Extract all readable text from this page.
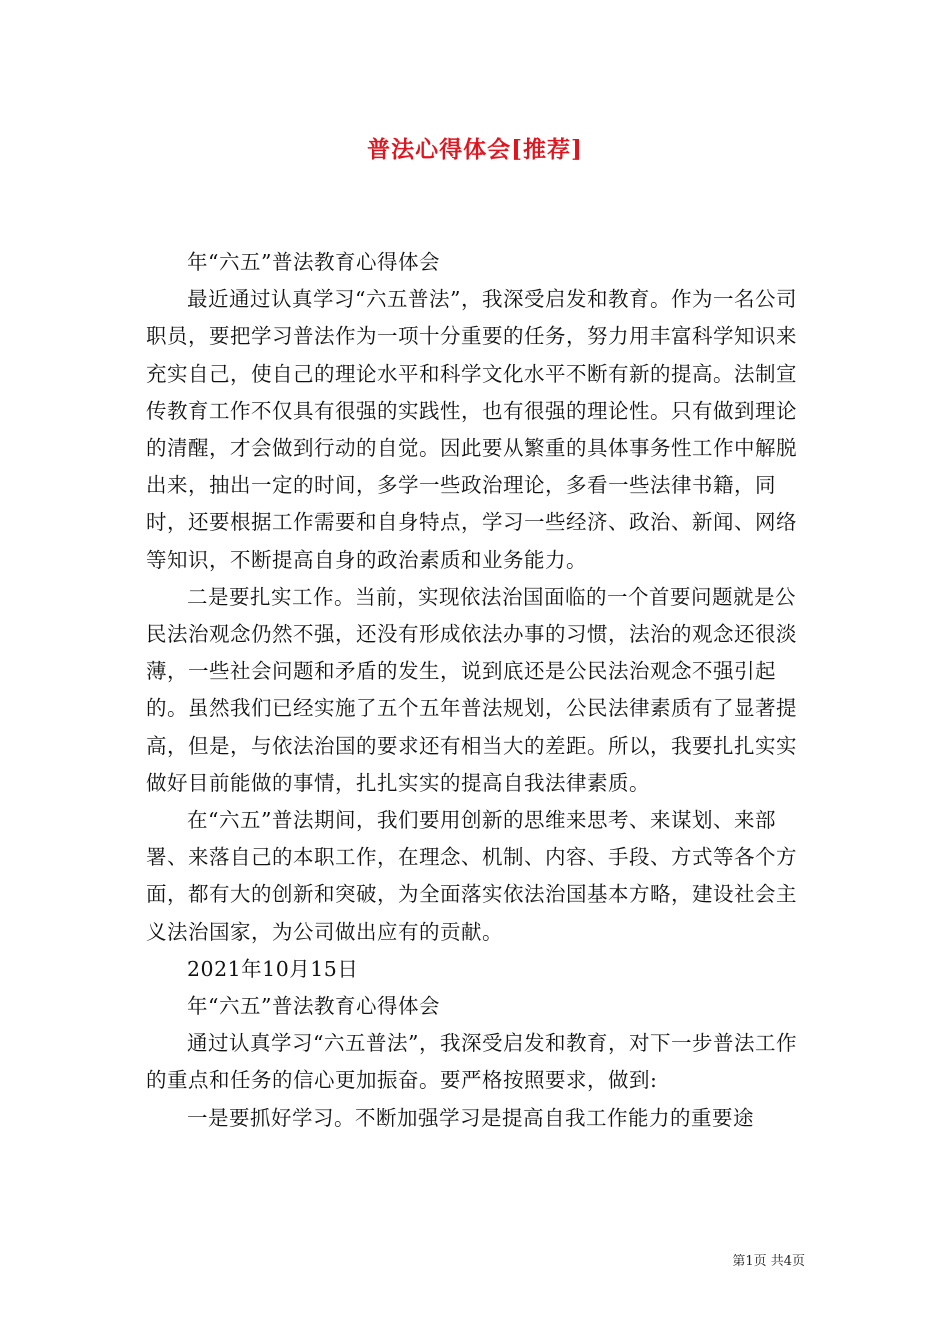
普法心得体会[推荐]

年“六五”普法教育心得体会

最近通过认真学习“六五普法”，我深受启发和教育。作为一名公司职员，要把学习普法作为一项十分重要的任务，努力用丰富科学知识来充实自己，使自己的理论水平和科学文化水平不断有新的提高。法制宣传教育工作不仅具有很强的实践性，也有很强的理论性。只有做到理论的清醒，才会做到行动的自觉。因此要从繁重的具体事务性工作中解脱出来，抽出一定的时间，多学一些政治理论，多看一些法律书籍，同时，还要根据工作需要和自身特点，学习一些经济、政治、新闻、网络等知识，不断提高自身的政治素质和业务能力。

二是要扎实工作。当前，实现依法治国面临的一个首要问题就是公民法治观念仍然不强，还没有形成依法办事的习惯，法治的观念还很淡薄，一些社会问题和矛盾的发生，说到底还是公民法治观念不强引起的。虽然我们已经实施了五个五年普法规划，公民法律素质有了显著提高，但是，与依法治国的要求还有相当大的差距。所以，我要扎扎实实做好目前能做的事情，扎扎实实的提高自我法律素质。

在“六五”普法期间，我们要用创新的思维来思考、来谋划、来部署、来落自己的本职工作，在理念、机制、内容、手段、方式等各个方面，都有大的创新和突破，为全面落实依法治国基本方略，建设社会主义法治国家，为公司做出应有的贡献。

2021年10月15日

年“六五”普法教育心得体会

通过认真学习“六五普法”，我深受启发和教育，对下一步普法工作的重点和任务的信心更加振奋。要严格按照要求，做到:

一是要抓好学习。不断加强学习是提高自我工作能力的重要途

第1页 共4页
